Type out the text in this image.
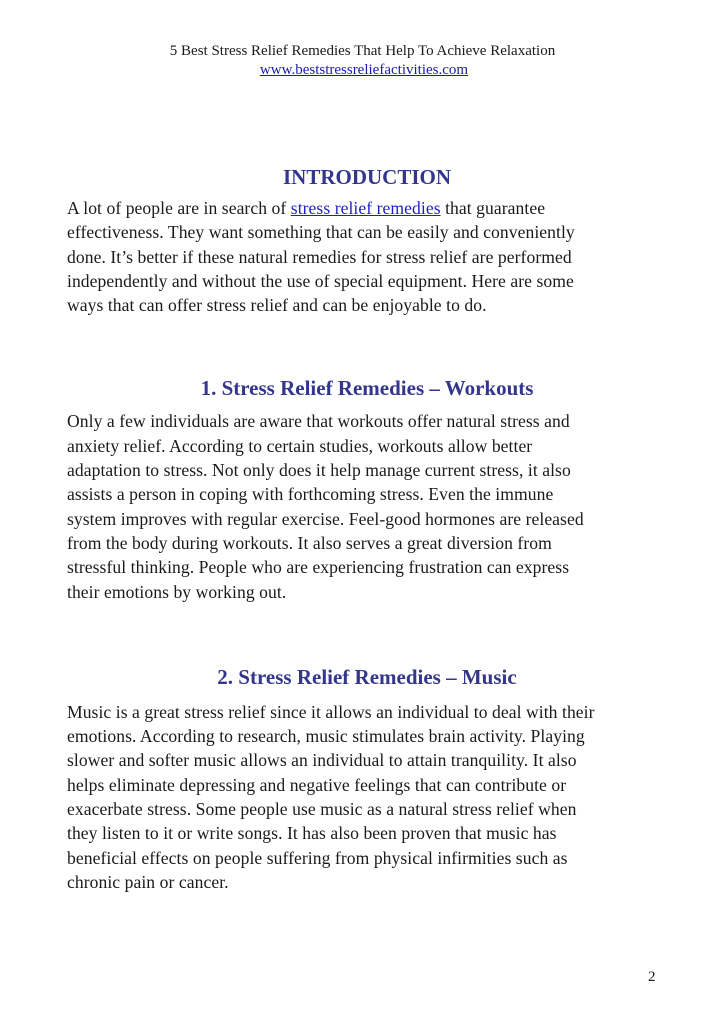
5 Best Stress Relief Remedies That Help To Achieve Relaxation
www.beststressreliefactivities.com
INTRODUCTION

A lot of people are in search of stress relief remedies that guarantee
effectiveness. They want something that can be easily and conveniently
done. It’s better if these natural remedies for stress relief are performed
independently and without the use of special equipment. Here are some
ways that can offer stress relief and can be enjoyable to do.

1. Stress Relief Remedies – Workouts

Only a few individuals are aware that workouts offer natural stress and
anxiety relief. According to certain studies, workouts allow better
adaptation to stress. Not only does it help manage current stress, it also
assists a person in coping with forthcoming stress. Even the immune
system improves with regular exercise. Feel-good hormones are released
from the body during workouts. It also serves a great diversion from
stressful thinking. People who are experiencing frustration can express
their emotions by working out.

2. Stress Relief Remedies – Music

Music is a great stress relief since it allows an individual to deal with their
emotions. According to research, music stimulates brain activity. Playing
slower and softer music allows an individual to attain tranquility. It also
helps eliminate depressing and negative feelings that can contribute or
exacerbate stress. Some people use music as a natural stress relief when
they listen to it or write songs. It has also been proven that music has
beneficial effects on people suffering from physical infirmities such as
chronic pain or cancer.

2
